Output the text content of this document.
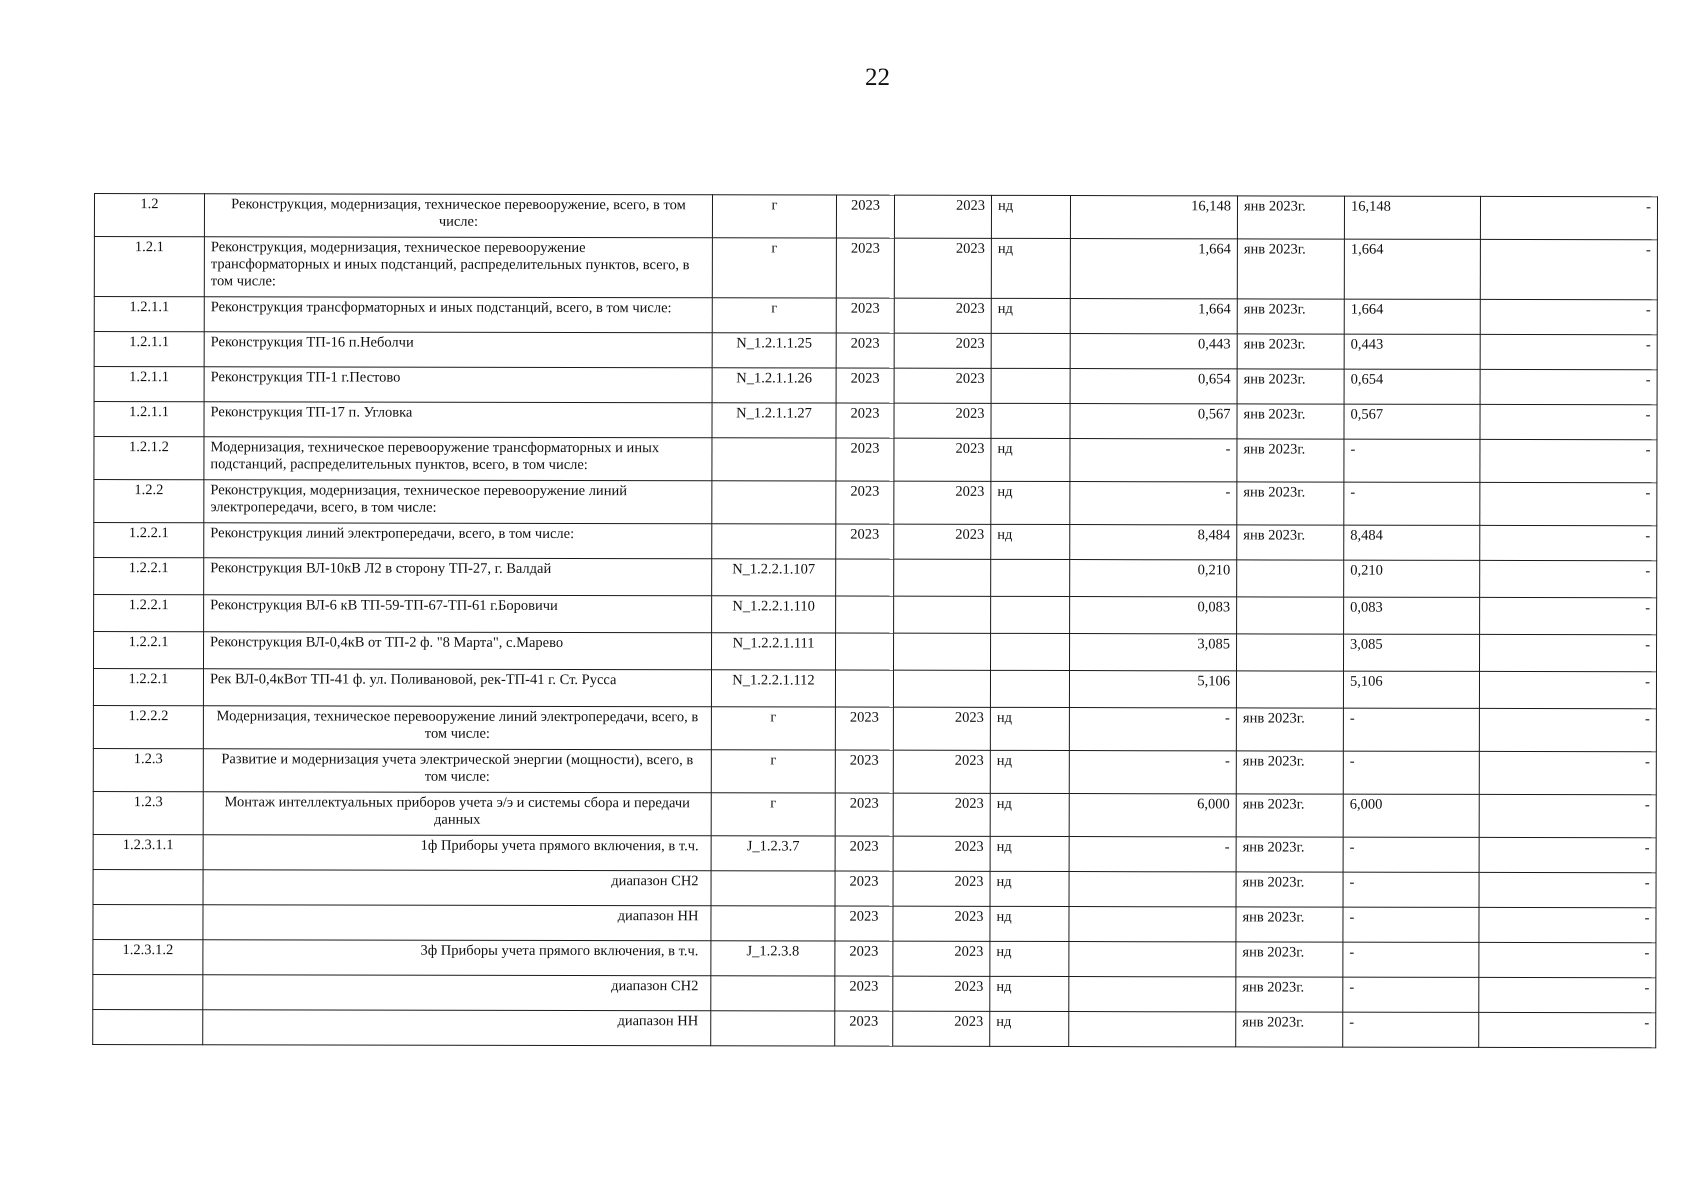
22
1.2	Реконструкция, модернизация, техническое перевооружение, всего, в том числе:	г	2023	2023	нд	16,148	янв 2023г.	16,148	-
1.2.1	Реконструкция, модернизация, техническое перевооружение трансформаторных и иных подстанций, распределительных пунктов, всего, в том числе:	г	2023	2023	нд	1,664	янв 2023г.	1,664	-
1.2.1.1	Реконструкция трансформаторных и иных подстанций, всего, в том числе:	г	2023	2023	нд	1,664	янв 2023г.	1,664	-
1.2.1.1	Реконструкция ТП-16 п.Неболчи	N_1.2.1.1.25	2023	2023		0,443	янв 2023г.	0,443	-
1.2.1.1	Реконструкция ТП-1 г.Пестово	N_1.2.1.1.26	2023	2023		0,654	янв 2023г.	0,654	-
1.2.1.1	Реконструкция ТП-17 п. Угловка	N_1.2.1.1.27	2023	2023		0,567	янв 2023г.	0,567	-
1.2.1.2	Модернизация, техническое перевооружение трансформаторных и иных подстанций, распределительных пунктов, всего, в том числе:		2023	2023	нд	-	янв 2023г.	-	-
1.2.2	Реконструкция, модернизация, техническое перевооружение линий электропередачи, всего, в том числе:		2023	2023	нд	-	янв 2023г.	-	-
1.2.2.1	Реконструкция линий электропередачи, всего, в том числе:		2023	2023	нд	8,484	янв 2023г.	8,484	-
1.2.2.1	Реконструкция ВЛ-10кВ Л2 в сторону ТП-27, г. Валдай	N_1.2.2.1.107				0,210		0,210	-
1.2.2.1	Реконструкция ВЛ-6 кВ ТП-59-ТП-67-ТП-61 г.Боровичи	N_1.2.2.1.110				0,083		0,083	-
1.2.2.1	Реконструкция ВЛ-0,4кВ от ТП-2 ф. "8 Марта", с.Марево	N_1.2.2.1.111				3,085		3,085	-
1.2.2.1	Рек ВЛ-0,4кВот ТП-41 ф. ул. Поливановой, рек-ТП-41 г. Ст. Русса	N_1.2.2.1.112				5,106		5,106	-
1.2.2.2	Модернизация, техническое перевооружение линий электропередачи, всего, в том числе:	г	2023	2023	нд	-	янв 2023г.	-	-
1.2.3	Развитие и модернизация учета электрической энергии (мощности), всего, в том числе:	г	2023	2023	нд	-	янв 2023г.	-	-
1.2.3	Монтаж интеллектуальных приборов учета э/э и системы сбора и передачи данных	г	2023	2023	нд	6,000	янв 2023г.	6,000	-
1.2.3.1.1	1ф Приборы учета прямого включения, в т.ч.	J_1.2.3.7	2023	2023	нд	-	янв 2023г.	-	-
	диапазон СН2		2023	2023	нд		янв 2023г.	-	-
	диапазон НН		2023	2023	нд		янв 2023г.	-	-
1.2.3.1.2	3ф Приборы учета прямого включения, в т.ч.	J_1.2.3.8	2023	2023	нд		янв 2023г.	-	-
	диапазон СН2		2023	2023	нд		янв 2023г.	-	-
	диапазон НН		2023	2023	нд		янв 2023г.	-	-
